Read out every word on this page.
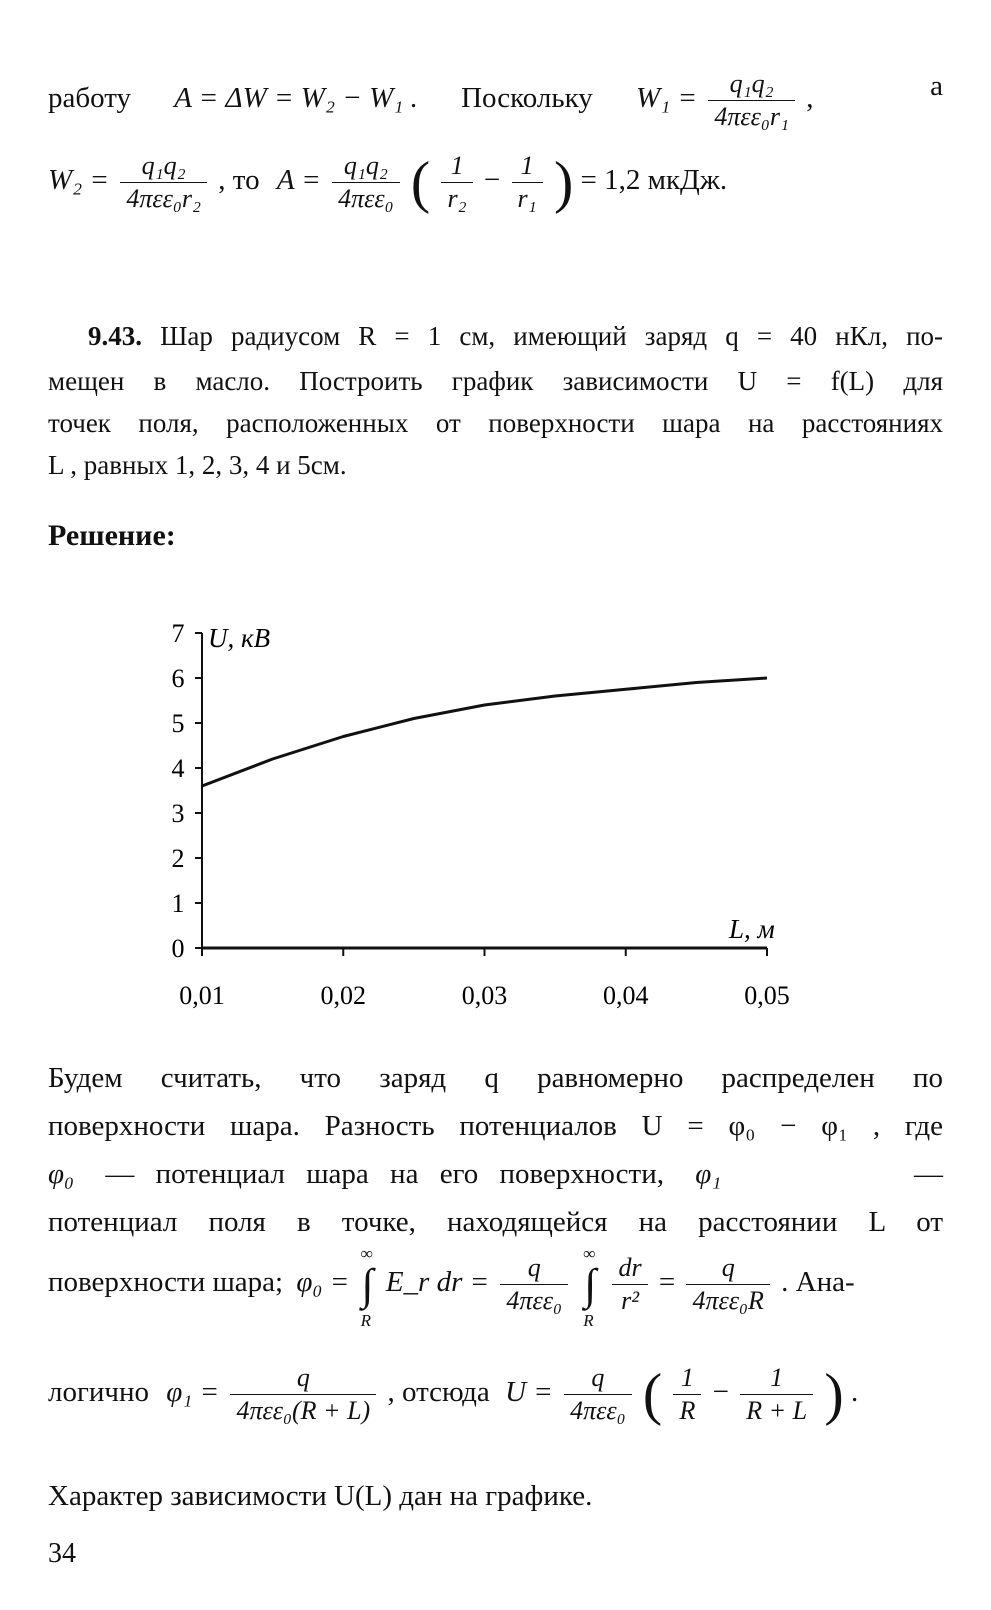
работу A = ΔW = W₂ − W₁ . Поскольку $W_1 = \frac{\text{q₁q₂}}{\text{4πεε₀r₁}}$ ,	а
$W_2 = \frac{\text{q₁q₂}}{\text{4πεε₀r₂}}$ , то $A = \frac{\text{q₁q₂}}{\text{4πεε₀}}$ ( $\frac{1}{\text{r₂}} - \frac{1}{\text{r₁}}$ ) = 1,2 мкДж.
9.43. Шар радиусом R = 1 см, имеющий заряд q = 40 нКл, по-
мещен в масло. Построить график зависимости U = f(L) для
точек поля, расположенных от поверхности шара на расстояниях
L , равных 1, 2, 3, 4 и 5см.
Решение:
0
1
2
3
4
5
6
7
0,01	0,02	0,03	0,04	0,05
U, кВ
L, м
Будем считать, что заряд q равномерно распределен по
поверхности шара. Разность потенциалов U = φ₀ − φ₁ , где
φ₀ — потенциал шара на его поверхности, φ₁	—
потенциал поля в точке, находящейся на расстоянии L от
поверхности шара; φ₀ = ∫
∞
R
E_r dr = $\frac{q}{\text{4πεε₀}}$ ∫
∞
R

$\frac{dr}{\text{r²}} = \frac{q}{\text{4πεε₀R}}$ . Ана-
логично $\varphi_1 = \frac{q}{\text{4πεε₀(R + L)}}$ , отсюда $U = \frac{q}{\text{4πεε₀}}$ ( $\frac{1}{R} - \frac{1}{R + L}$ ) .
Характер зависимости U(L) дан на графике.
34
